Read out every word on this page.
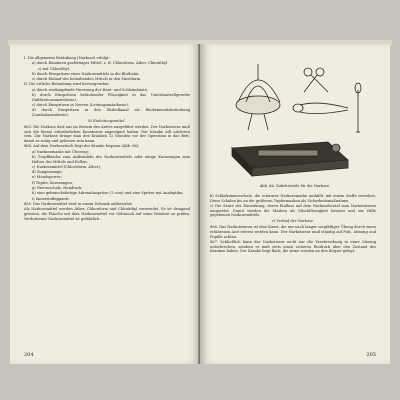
I. Die allgemeine Betäubung (Narkose) erfolgt:

a) durch Einatmen gasförmiger Mittel, z. B. Chloroform, Äther, Chloräthyl

c) mit Chloräthyl,

b) durch Einspritzen eines Narkosemittels in die Blutbahn,

c) durch Einlauf des betäubenden Mittels in den Mastdarm.

II. Die örtliche Betäubung wird hervorgerufen:

a) durch verdampfende Vereisung der Haut- und Schleimhäute,

b) durch Einspritzen betäubender Flüssigkeit in das Unterhautzellgewebe (Infiltrationsanästhesie),

c) durch Einspritzen in Nerven (Leitungsanästhesie),

d) durch Einspritzen in den Wirbelkanal als Rückenmarksbetäubung (Lumbalanästhesie).

b) Einleitungsmittel.

863. Die Narkose darf nur im Beisein des Arztes ausgeführt werden. Der Narkotiseur muß sich die hierzu erforderlichen Kenntnisse angeeignet haben. Der Kranke soll nüchtern sein. Zur Narkose bringe man den Kranken 12 Stunden vor der Operation in das Bett, damit er ruhig und gelassen sein kann.

864. Auf dem Narkosetisch liegt der Kranke bequem (Abb. 66):

a) Narkosemaske mit Überzug;

b) Tropfflasche zum Aufträufeln des Narkosemittels oder einige Kornzangen zum Halten des Mittels und Rollen;

c) Narkosemittel (Chloroform, Äther);

d) Zungenzange;

e) Mundsperrer;

f) Tupfer, Kornzangen;

g) Nierenschale, Handtuch;

h) eine gebrauchsfertige Adrenalinspritze (1 ccm) und eine Spritze mit Analeptika;

i) Sauerstoffapparat.

865. Das Narkosemittel wird in einem Schrank aufbewahrt.

Als Narkosemittel werden Äther, Chloroform und Chloräthyl verwendet. Es ist dringend geboten, die Flasche mit dem Narkosemittel vor Gebrauch auf seine Reinheit zu prüfen. Verdorbenes Narkosemittel ist gefährlich.

204
Abb. 66. Zubehörteile für die Narkose.

b) Schlafzimmerschale, die schwarze Narkosemaske umhüllt, mit einem Stoffe versehen. Diese Schalen bis an die größeren Tupfermasken als Sicherheitsmaßnahme.

c) Die Säure der Einwirkung, deren Einfluss auf dem Narkosebeutel zum Narkotisieren eingesetzt. Damit werden die Masken als Mischflüssigkeit benutzt und zur Hilfe gegebenen Narkosemittels.

c) Verlauf der Narkose.

866. Das Narkotisieren ist eine Kunst, die nur nach langer sorgfältiger Übung durch einen erfahrenen Arzt erlernt werden kann. Der Narkotiseur muß ständig auf Puls, Atmung und Pupille achten.

867. Schließlich kann der Narkotiseur nicht nur die Verabreichung in einer Sitzung unterbrechen, sondern er muß stets einen sicheren Eindruck über den Zustand des Kranken haben. Der Kranke liegt flach; die Arme werden an den Körper gelegt.

205
